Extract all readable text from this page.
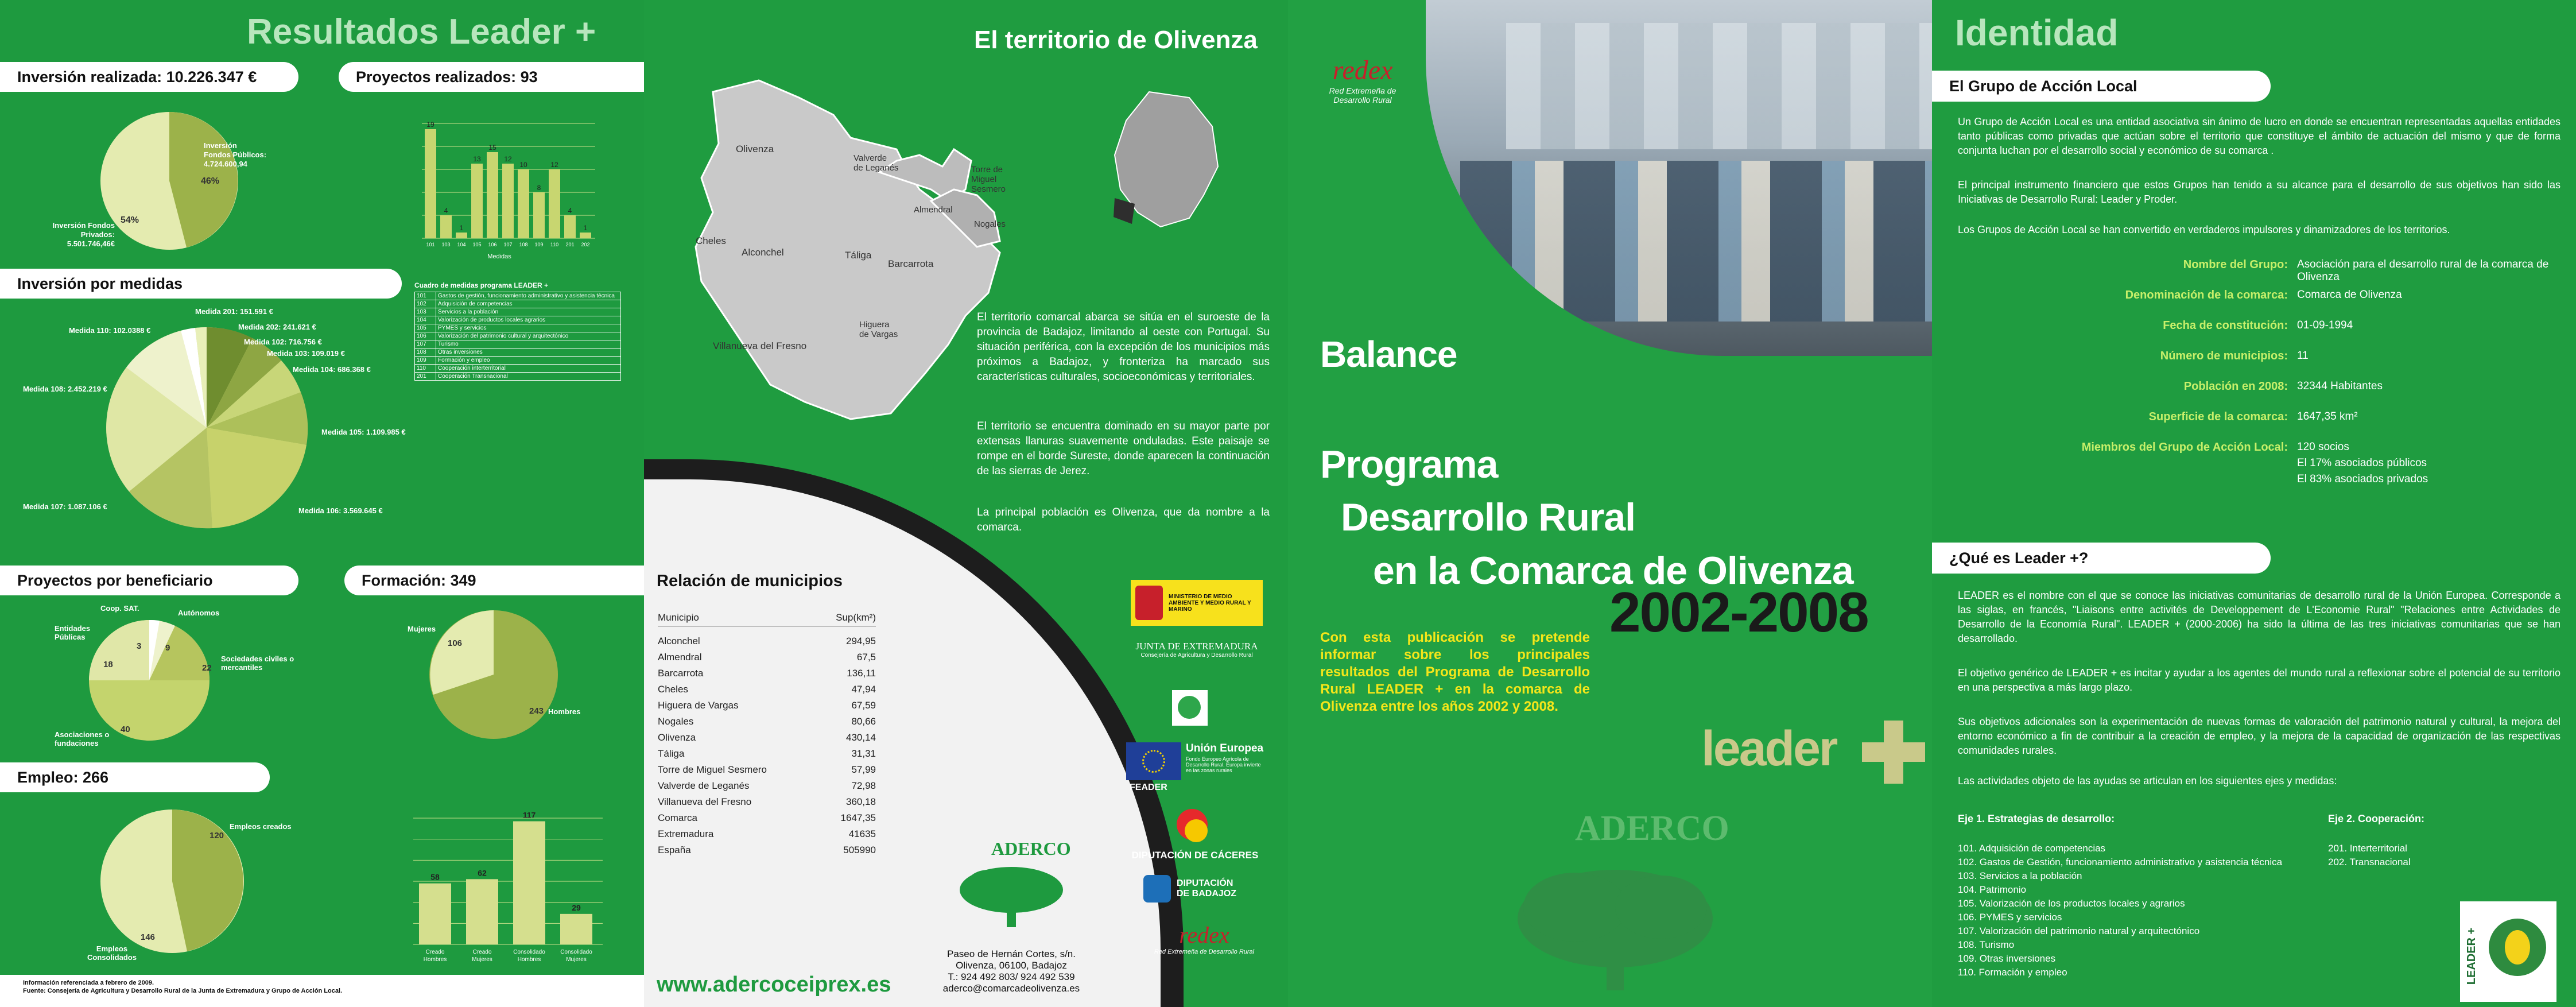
Resultados Leader +
Inversión realizada: 10.226.347 €	Proyectos realizados: 93
Inversión
Fondos Públicos:
4.724.600,94
46%
54%
Inversión Fondos Privados: 5.501.746,46€
19
101
4
103
1
104
13
105
15
106
12
107
10
108
8
109
12
110
4
201
1
202
Medidas
Inversión por medidas
Medida 201: 151.591 €
Medida 202: 241.621 €
Medida 110: 102.0388 €
Medida 102: 716.756 €
Medida 103: 109.019 €
Medida 104: 686.368 €
Medida 108: 2.452.219 €
Medida 105: 1.109.985 €
Medida 107: 1.087.106 €	Medida 106: 3.569.645 €
Cuadro de medidas programa LEADER +
101	Gastos de gestión, funcionamiento administrativo y asistencia técnica
102	Adquisición de competencias
103	Servicios a la población
104	Valorización de productos locales agrarios
105	PYMES y servicios
106	Valorización del patrimonio cultural y arquitectónico
107	Turismo
108	Otras inversiones
109	Formación y empleo
110	Cooperación interterritorial
201	Cooperación Transnacional
Proyectos por beneficiario	Formación: 349
3	9
18	22
40
Coop. SAT.
Autónomos
Entidades Públicas
Sociedades civiles o mercantiles
Asociaciones o fundaciones
106
243
Mujeres
Hombres
Empleo: 266
120
146
Empleos creados
Empleos Consolidados
58
Creado
Hombres
62
Creado
Mujeres
117
Consolidado
Hombres
29
Consolidado
Mujeres
Información referenciada a febrero de 2009.
Fuente: Consejería de Agricultura y Desarrollo Rural de la Junta de Extremadura y Grupo de Acción Local.
El territorio de Olivenza
Olivenza
Valverde
de Leganés	Torre de
Miguel
Sesmero
Almendral
Nogales
Cheles
Alconchel	Táliga
Barcarrota
Higuera
de Vargas
Villanueva del Fresno
El territorio comarcal abarca se sitúa en el suroeste de la provincia de Badajoz, limitando al oeste con Portugal. Su situación periférica, con la excepción de los municipios más próximos a Badajoz, y fronteriza ha marcado sus características culturales, socioeconómicas y territoriales.
El territorio se encuentra dominado en su mayor parte por extensas llanuras suavemente onduladas. Este paisaje se rompe en el borde Sureste, donde aparecen la continuación de las sierras de Jerez.
La principal población es Olivenza, que da nombre a la comarca.
Relación de municipios
Municipio	Sup(km²)
Alconchel	294,95
Almendral	67,5
Barcarrota	136,11
Cheles	47,94
Higuera de Vargas	67,59
Nogales	80,66
Olivenza	430,14
Táliga	31,31
Torre de Miguel Sesmero	57,99
Valverde de Leganés	72,98
Villanueva del Fresno	360,18
Comarca	1647,35
Extremadura	41635
España	505990
www.adercoceiprex.es
ADERCO
Paseo de Hernán Cortes, s/n.
Olivenza, 06100, Badajoz
T.: 924 492 803/ 924 492 539
aderco@comarcadeolivenza.es
MINISTERIO DE MEDIO AMBIENTE Y MEDIO RURAL Y MARINO
JUNTA DE EXTREMADURA
Consejería de Agricultura y Desarrollo Rural
Unión Europea
Fondo Europeo Agrícola de Desarrollo Rural. Europa invierte en las zonas rurales
FEADER
DIPUTACIÓN DE CÁCERES
DIPUTACIÓN DE BADAJOZ
redex
Red Extremeña de Desarrollo Rural
redex
Red Extremeña de Desarrollo Rural
Balance
Programa
Desarrollo Rural
en la Comarca de Olivenza
2002-2008
Con esta publicación se pretende informar sobre los principales resultados del Programa de Desarrollo Rural LEADER + en la comarca de Olivenza entre los años 2002 y 2008.
leader
ADERCO
Identidad
El Grupo de Acción Local
Un Grupo de Acción Local es una entidad asociativa sin ánimo de lucro en donde se encuentran representadas aquellas entidades tanto públicas como privadas que actúan sobre el territorio que constituye el ámbito de actuación del mismo y que de forma conjunta luchan por el desarrollo social y económico de su comarca .
El principal instrumento financiero que estos Grupos han tenido a su alcance para el desarrollo de sus objetivos han sido las Iniciativas de Desarrollo Rural: Leader y Proder.
Los Grupos de Acción Local se han convertido en verdaderos impulsores y dinamizadores de los territorios.
Nombre del Grupo: Asociación para el desarrollo rural de la comarca de Olivenza
Denominación de la comarca: Comarca de Olivenza
Fecha de constitución: 01-09-1994
Número de municipios: 11
Población en 2008: 32344 Habitantes
Superficie de la comarca: 1647,35 km²
Miembros del Grupo de Acción Local: 120 socios
El 17% asociados públicos
El 83% asociados privados
¿Qué es Leader +?
LEADER es el nombre con el que se conoce las iniciativas comunitarias de desarrollo rural de la Unión Europea. Corresponde a las siglas, en francés, "Liaisons entre activités de Developpement de L'Economie Rural" "Relaciones entre Actividades de Desarrollo de la Economía Rural". LEADER + (2000-2006) ha sido la última de las tres iniciativas comunitarias que se han desarrollado.
El objetivo genérico de LEADER + es incitar y ayudar a los agentes del mundo rural a reflexionar sobre el potencial de su territorio en una perspectiva a más largo plazo.
Sus objetivos adicionales son la experimentación de nuevas formas de valoración del patrimonio natural y cultural, la mejora del entorno económico a fin de contribuir a la creación de empleo, y la mejora de la capacidad de organización de las respectivas comunidades rurales.
Las actividades objeto de las ayudas se articulan en los siguientes ejes y medidas:
Eje 1. Estrategias de desarrollo:
101. Adquisición de competencias
102. Gastos de Gestión, funcionamiento administrativo y asistencia técnica
103. Servicios a la población
104. Patrimonio
105. Valorización de los productos locales y agrarios
106. PYMES y servicios
107. Valorización del patrimonio natural y arquitectónico
108. Turismo
109. Otras inversiones
110. Formación y empleo
Eje 2. Cooperación:
201. Interterritorial
202. Transnacional
LEADER +
